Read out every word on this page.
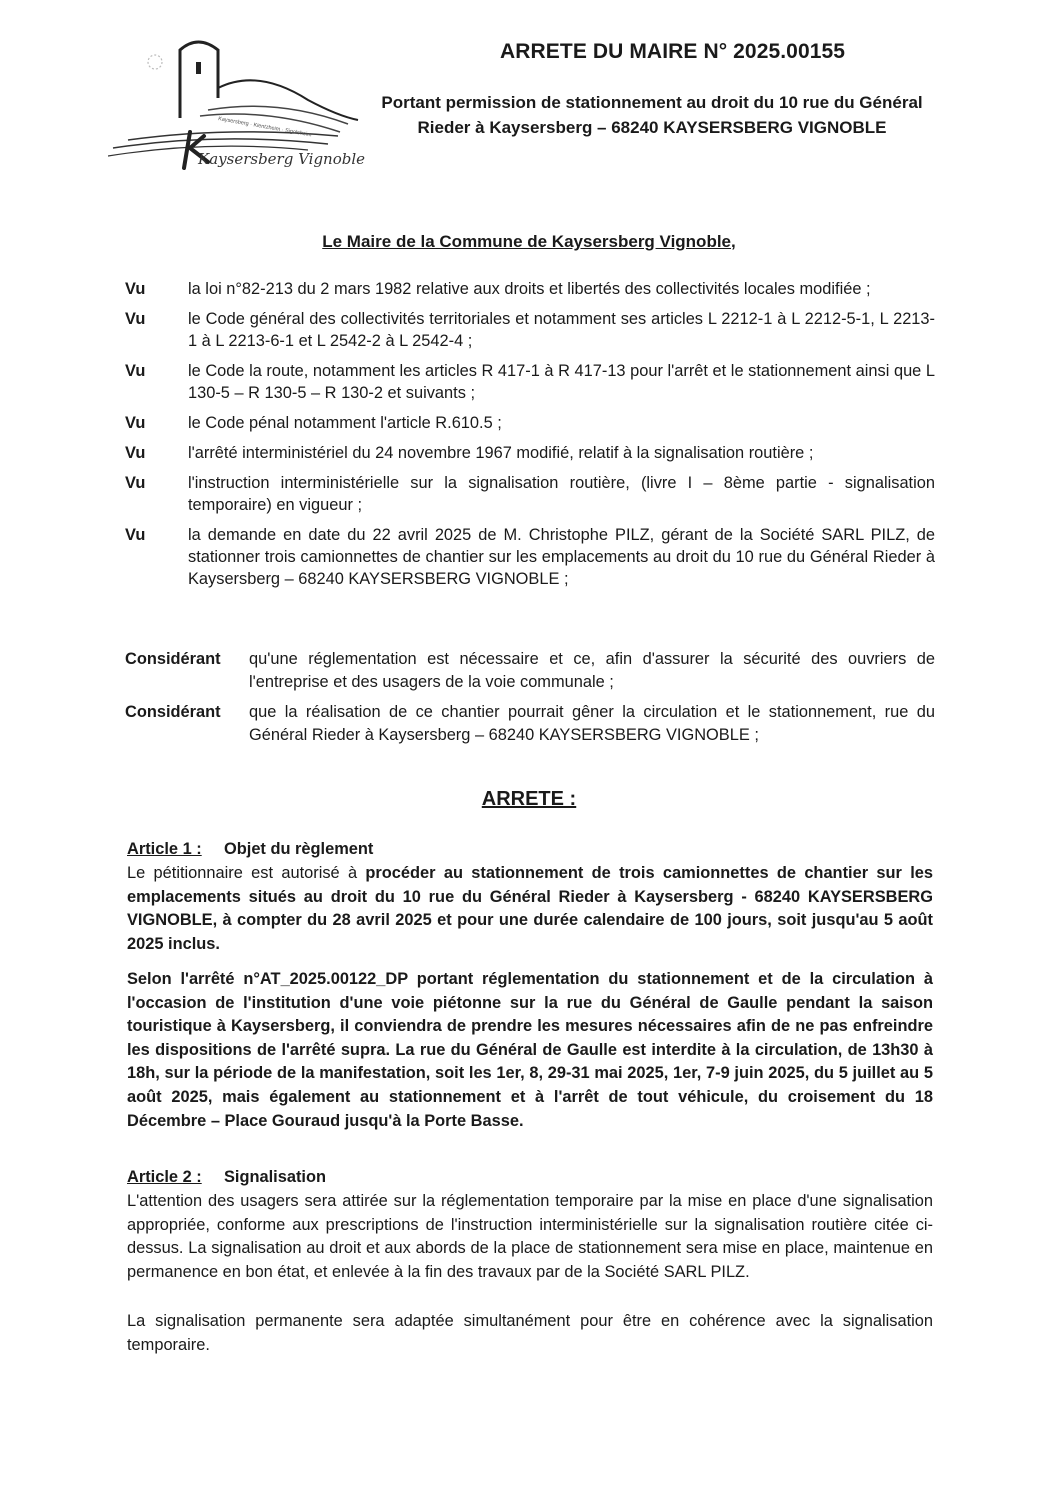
Kaysersberg · Kientzheim · Sigolsheim
Kaysersberg Vignoble
ARRETE DU MAIRE N° 2025.00155
Portant permission de stationnement au droit du 10 rue du Général Rieder à Kaysersberg – 68240 KAYSERSBERG VIGNOBLE
Le Maire de la Commune de Kaysersberg Vignoble,
Vu	la loi n°82-213 du 2 mars 1982 relative aux droits et libertés des collectivités locales modifiée ;
Vu	le Code général des collectivités territoriales et notamment ses articles L 2212-1 à L 2212-5-1, L 2213-1 à L 2213-6-1 et L 2542-2 à L 2542-4 ;
Vu	le Code la route, notamment les articles R 417-1 à R 417-13 pour l'arrêt et le stationnement ainsi que L 130-5 – R 130-5 – R 130-2 et suivants ;
Vu	le Code pénal notamment l'article R.610.5 ;
Vu	l'arrêté interministériel du 24 novembre 1967 modifié, relatif à la signalisation routière ;
Vu	l'instruction interministérielle sur la signalisation routière, (livre I – 8ème partie - signalisation temporaire) en vigueur ;
Vu	la demande en date du 22 avril 2025 de M. Christophe PILZ, gérant de la Société SARL PILZ, de stationner trois camionnettes de chantier sur les emplacements au droit du 10 rue du Général Rieder à Kaysersberg – 68240 KAYSERSBERG VIGNOBLE ;
Considérant	qu'une réglementation est nécessaire et ce, afin d'assurer la sécurité des ouvriers de l'entreprise et des usagers de la voie communale ;
Considérant	que la réalisation de ce chantier pourrait gêner la circulation et le stationnement, rue du Général Rieder à Kaysersberg – 68240 KAYSERSBERG VIGNOBLE ;
ARRETE :
Article 1 : Objet du règlement
Le pétitionnaire est autorisé à procéder au stationnement de trois camionnettes de chantier sur les emplacements situés au droit du 10 rue du Général Rieder à Kaysersberg - 68240 KAYSERSBERG VIGNOBLE, à compter du 28 avril 2025 et pour une durée calendaire de 100 jours, soit jusqu'au 5 août 2025 inclus.
Selon l'arrêté n°AT_2025.00122_DP portant réglementation du stationnement et de la circulation à l'occasion de l'institution d'une voie piétonne sur la rue du Général de Gaulle pendant la saison touristique à Kaysersberg, il conviendra de prendre les mesures nécessaires afin de ne pas enfreindre les dispositions de l'arrêté supra. La rue du Général de Gaulle est interdite à la circulation, de 13h30 à 18h, sur la période de la manifestation, soit les 1er, 8, 29-31 mai 2025, 1er, 7-9 juin 2025, du 5 juillet au 5 août 2025, mais également au stationnement et à l'arrêt de tout véhicule, du croisement du 18 Décembre – Place Gouraud jusqu'à la Porte Basse.
Article 2 : Signalisation
L'attention des usagers sera attirée sur la réglementation temporaire par la mise en place d'une signalisation appropriée, conforme aux prescriptions de l'instruction interministérielle sur la signalisation routière citée ci-dessus. La signalisation au droit et aux abords de la place de stationnement sera mise en place, maintenue en permanence en bon état, et enlevée à la fin des travaux par de la Société SARL PILZ.
La signalisation permanente sera adaptée simultanément pour être en cohérence avec la signalisation temporaire.
